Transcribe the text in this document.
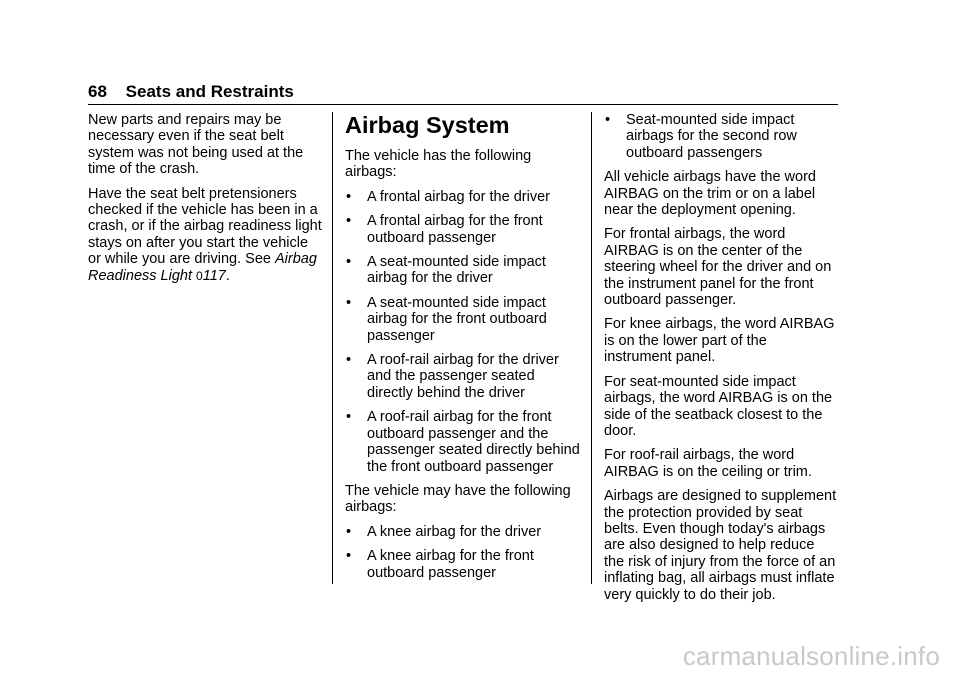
68 Seats and Restraints

New parts and repairs may be necessary even if the seat belt system was not being used at the time of the crash.

Have the seat belt pretensioners checked if the vehicle has been in a crash, or if the airbag readiness light stays on after you start the vehicle or while you are driving. See Airbag Readiness Light 0117.

Airbag System

The vehicle has the following airbags:

• A frontal airbag for the driver
• A frontal airbag for the front outboard passenger
• A seat-mounted side impact airbag for the driver
• A seat-mounted side impact airbag for the front outboard passenger
• A roof-rail airbag for the driver and the passenger seated directly behind the driver
• A roof-rail airbag for the front outboard passenger and the passenger seated directly behind the front outboard passenger

The vehicle may have the following airbags:

• A knee airbag for the driver
• A knee airbag for the front outboard passenger
• Seat-mounted side impact airbags for the second row outboard passengers

All vehicle airbags have the word AIRBAG on the trim or on a label near the deployment opening.

For frontal airbags, the word AIRBAG is on the center of the steering wheel for the driver and on the instrument panel for the front outboard passenger.

For knee airbags, the word AIRBAG is on the lower part of the instrument panel.

For seat-mounted side impact airbags, the word AIRBAG is on the side of the seatback closest to the door.

For roof-rail airbags, the word AIRBAG is on the ceiling or trim.

Airbags are designed to supplement the protection provided by seat belts. Even though today's airbags are also designed to help reduce the risk of injury from the force of an inflating bag, all airbags must inflate very quickly to do their job.

carmanualsonline.info
